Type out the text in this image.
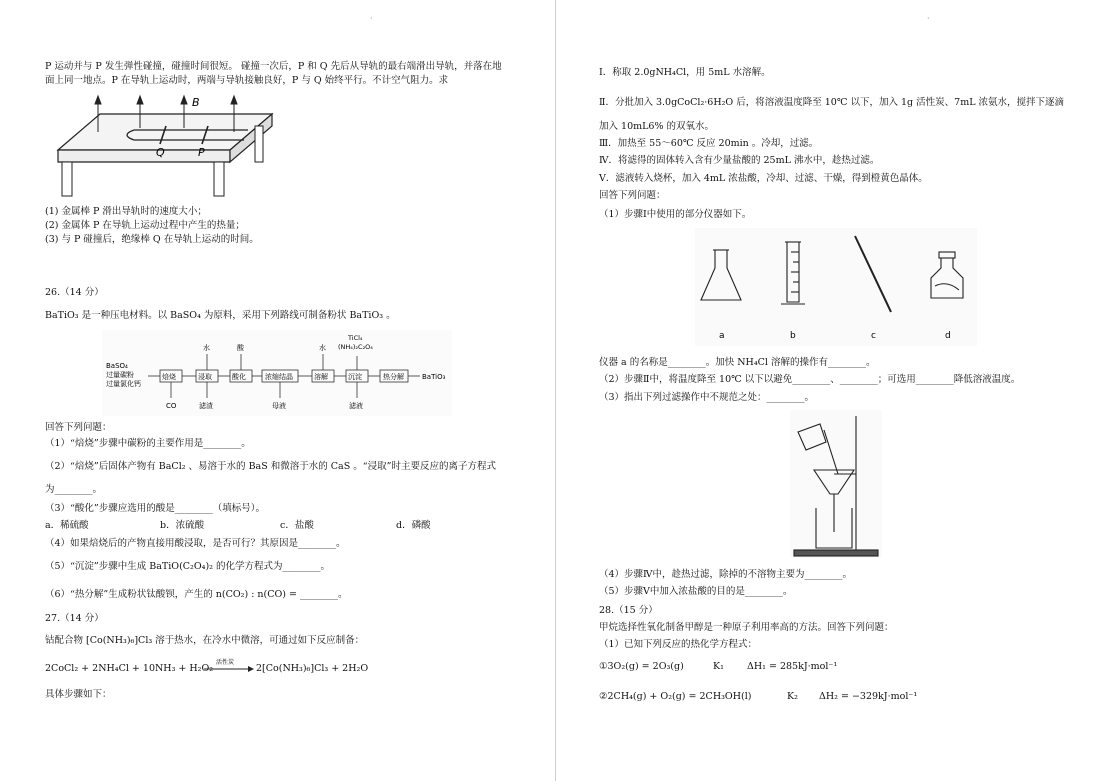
·
P 运动并与 P 发生弹性碰撞，碰撞时间很短。 碰撞一次后，P 和 Q 先后从导轨的最右端滑出导轨，并落在地
面上同一地点。P 在导轨上运动时，两端与导轨接触良好，P 与 Q 始终平行。不计空气阻力。求
B
Q	P
(1) 金属棒 P 滑出导轨时的速度大小；
(2) 金属体 P 在导轨上运动过程中产生的热量；
(3) 与 P 碰撞后，绝缘棒 Q 在导轨上运动的时间。
26.（14 分）
BaTiO₃ 是一种压电材料。以 BaSO₄ 为原料，采用下列路线可制备粉状 BaTiO₃ 。
BaSO₄
过量碳粉
过量氯化钙
焙烧	浸取	酸化	浓缩结晶	溶解	沉淀	热分解	BaTiO₃
水	酸	水
TiCl₄
(NH₄)₂C₂O₄
CO	滤渣	母液	滤液
回答下列问题：
（1）“焙烧”步骤中碳粉的主要作用是________。
（2）“焙烧”后固体产物有 BaCl₂ 、易溶于水的 BaS 和微溶于水的 CaS 。“浸取”时主要反应的离子方程式
为________。
（3）“酸化”步骤应选用的酸是________（填标号）。
a．稀硫酸	b．浓硫酸	c．盐酸	d．磷酸
（4）如果焙烧后的产物直接用酸浸取，是否可行？其原因是________。
（5）“沉淀”步骤中生成 BaTiO(C₂O₄)₂ 的化学方程式为________。
（6）“热分解”生成粉状钛酸钡，产生的 n(CO₂) : n(CO) = ________。
27.（14 分）
钴配合物 [Co(NH₃)₆]Cl₃ 溶于热水，在冷水中微溶，可通过如下反应制备：
2CoCl₂ + 2NH₄Cl + 10NH₃ + H₂O₂
活性炭
2[Co(NH₃)₆]Cl₃ + 2H₂O
具体步骤如下：
·
Ⅰ．称取 2.0gNH₄Cl，用 5mL 水溶解。
Ⅱ．分批加入 3.0gCoCl₂·6H₂O 后，将溶液温度降至 10℃ 以下，加入 1g 活性炭、7mL 浓氨水，搅拌下逐滴
加入 10mL6% 的双氧水。
Ⅲ．加热至 55～60℃ 反应 20min 。冷却，过滤。
Ⅳ．将滤得的固体转入含有少量盐酸的 25mL 沸水中，趁热过滤。
Ⅴ．滤液转入烧杯，加入 4mL 浓盐酸，冷却、过滤、干燥，得到橙黄色晶体。
回答下列问题：
（1）步骤Ⅰ中使用的部分仪器如下。
a	b	c	d
仪器 a 的名称是________。加快 NH₄Cl 溶解的操作有________。
（2）步骤Ⅱ中，将温度降至 10℃ 以下以避免________、________；可选用________降低溶液温度。
（3）指出下列过滤操作中不规范之处：________。
（4）步骤Ⅳ中，趁热过滤，除掉的不溶物主要为________。
（5）步骤Ⅴ中加入浓盐酸的目的是________。
28.（15 分）
甲烷选择性氧化制备甲醇是一种原子利用率高的方法。回答下列问题：
（1）已知下列反应的热化学方程式：
①3O₂(g) = 2O₃(g)	K₁ ΔH₁ = 285kJ·mol⁻¹
②2CH₄(g) + O₂(g) = 2CH₃OH(l)	K₂ ΔH₂ = −329kJ·mol⁻¹
